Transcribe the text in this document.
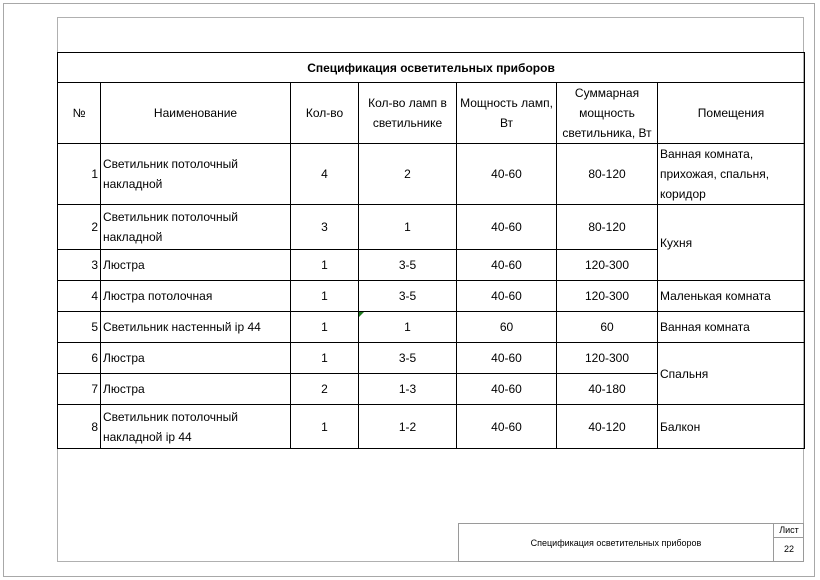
Спецификация осветительных приборов						
№	Наименование	Кол-во	Кол-во ламп в светильнике	Мощность ламп, Вт	Суммарная мощность светильника, Вт	Помещения
1	Светильник потолочный накладной	4	2	40-60	80-120	Ванная комната, прихожая, спальня, коридор
2	Светильник потолочный накладной	3	1	40-60	80-120	Кухня
3	Люстра	1	3-5	40-60	120-300	
4	Люстра потолочная	1	3-5	40-60	120-300	Маленькая комната
5	Светильник настенный ip 44	1	1	60	60	Ванная комната
6	Люстра	1	3-5	40-60	120-300	Спальня
7	Люстра	2	1-3	40-60	40-180	
8	Светильник потолочный накладной ip 44	1	1-2	40-60	40-120	Балкон
Спецификация осветительных приборов
Лист
22
